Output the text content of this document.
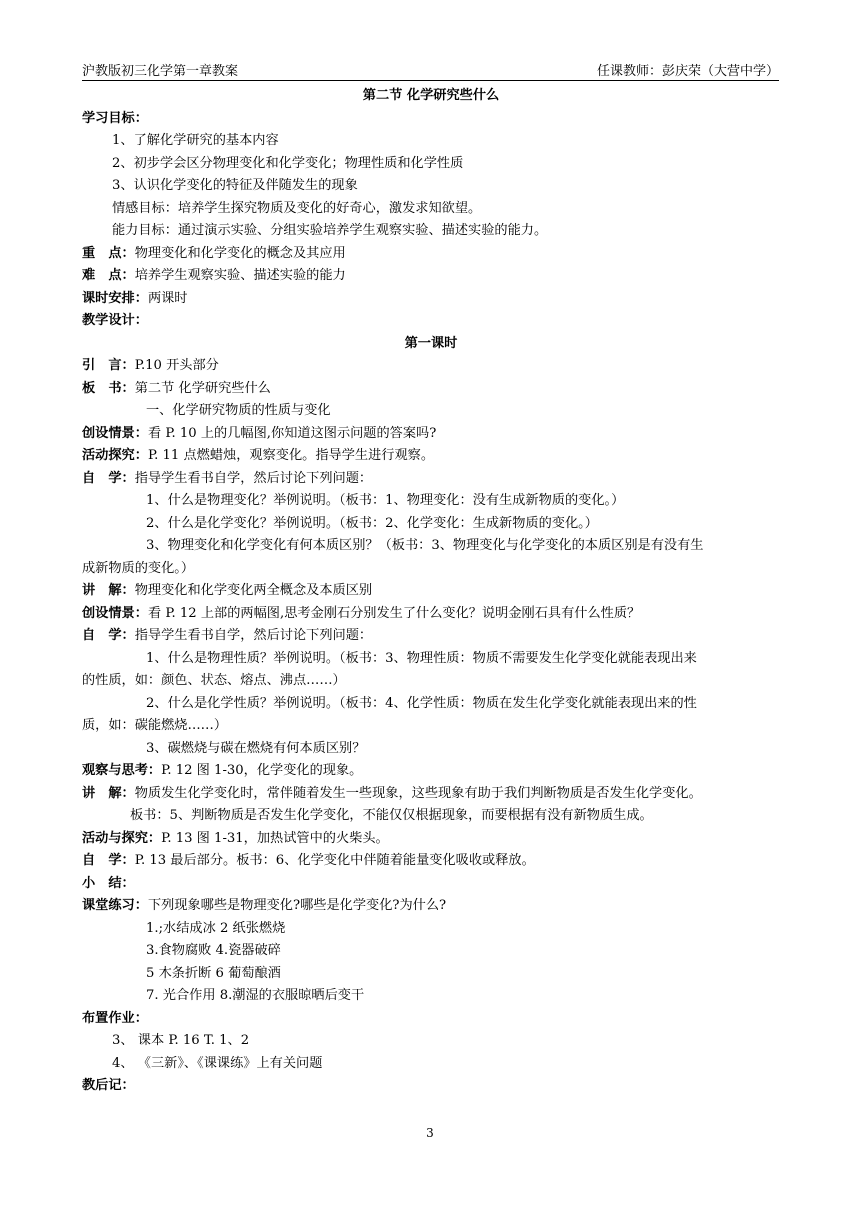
沪教版初三化学第一章教案	任课教师：彭庆荣（大营中学）
第二节 化学研究些什么
学习目标：
1、了解化学研究的基本内容
2、初步学会区分物理变化和化学变化；物理性质和化学性质
3、认识化学变化的特征及伴随发生的现象
情感目标：培养学生探究物质及变化的好奇心，激发求知欲望。
能力目标：通过演示实验、分组实验培养学生观察实验、描述实验的能力。
重　点：物理变化和化学变化的概念及其应用
难　点：培养学生观察实验、描述实验的能力
课时安排：两课时
教学设计：
第一课时
引　言：P.10 开头部分
板　书：第二节 化学研究些什么
一、化学研究物质的性质与变化
创设情景：看 P. 10 上的几幅图,你知道这图示问题的答案吗?
活动探究：P. 11 点燃蜡烛，观察变化。指导学生进行观察。
自　学：指导学生看书自学，然后讨论下列问题：
1、什么是物理变化？举例说明。（板书：1、物理变化：没有生成新物质的变化。）
2、什么是化学变化？举例说明。（板书：2、化学变化：生成新物质的变化。）
3、物理变化和化学变化有何本质区别？（板书：3、物理变化与化学变化的本质区别是有没有生
成新物质的变化。）
讲　解：物理变化和化学变化两全概念及本质区别
创设情景：看 P. 12 上部的两幅图,思考金刚石分别发生了什么变化？说明金刚石具有什么性质？
自　学：指导学生看书自学，然后讨论下列问题：
1、什么是物理性质？举例说明。（板书：3、物理性质：物质不需要发生化学变化就能表现出来
的性质，如：颜色、状态、熔点、沸点……）
2、什么是化学性质？举例说明。（板书：4、化学性质：物质在发生化学变化就能表现出来的性
质，如：碳能燃烧……）
3、碳燃烧与碳在燃烧有何本质区别？
观察与思考：P. 12 图 1-30，化学变化的现象。
讲　解：物质发生化学变化时，常伴随着发生一些现象，这些现象有助于我们判断物质是否发生化学变化。
板书：5、判断物质是否发生化学变化，不能仅仅根据现象，而要根据有没有新物质生成。
活动与探究：P. 13 图 1-31，加热试管中的火柴头。
自　学：P. 13 最后部分。板书：6、化学变化中伴随着能量变化吸收或释放。
小　结：
课堂练习：下列现象哪些是物理变化?哪些是化学变化?为什么?
1.;水结成冰 2 纸张燃烧
3.食物腐败 4.瓷器破碎
5 木条折断 6 葡萄酿酒
7. 光合作用 8.潮湿的衣服晾晒后变干
布置作业：
3、 课本 P. 16 T. 1、2
4、 《三新》、《课课练》上有关问题
教后记：
3
